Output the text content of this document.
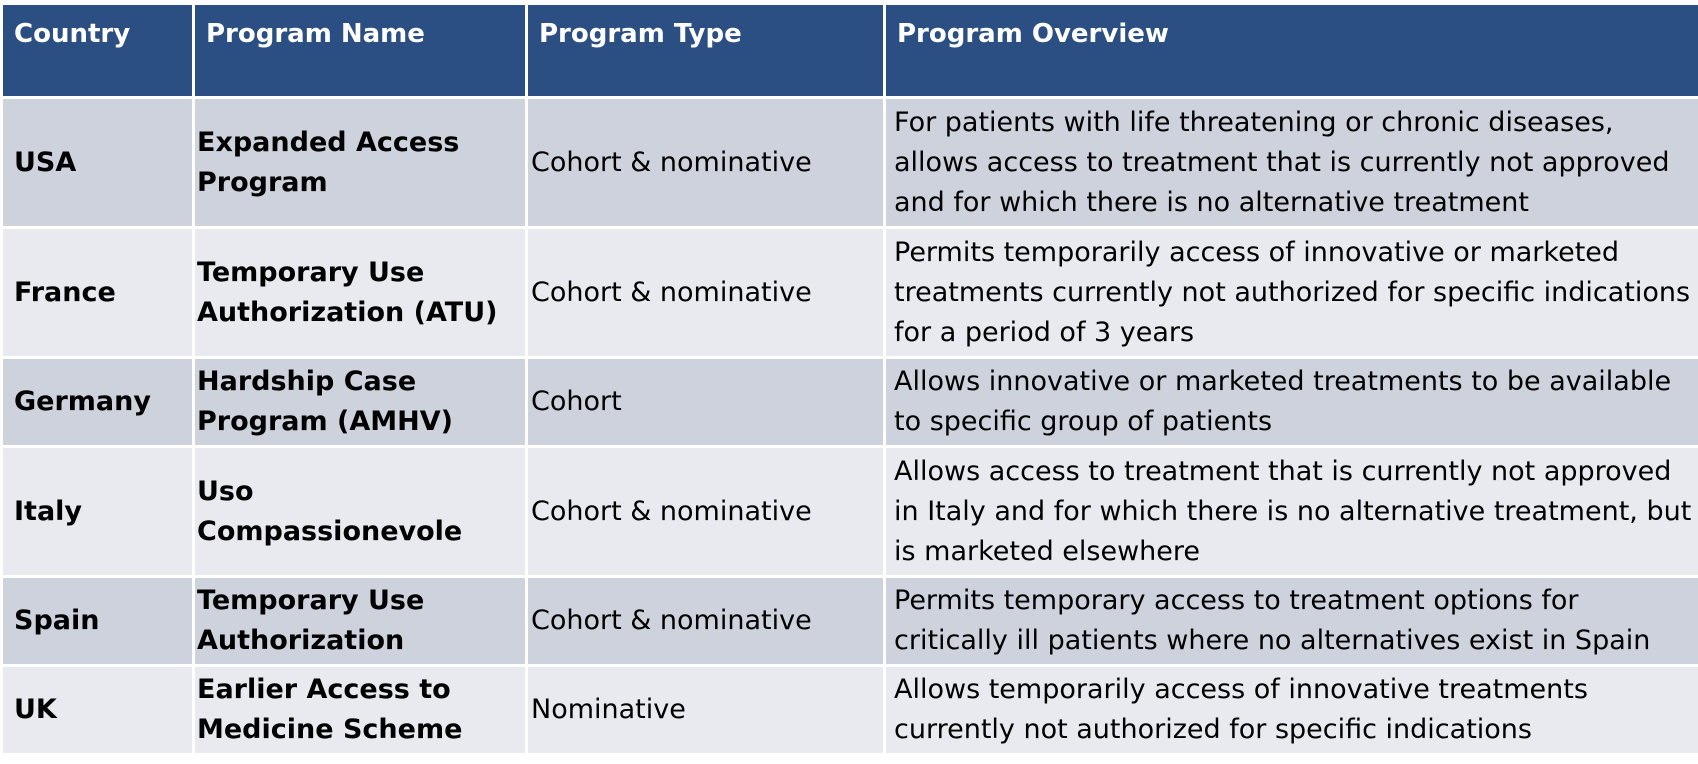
Country	Program Name	Program Type	Program Overview
USA	Expanded Access Program	Cohort & nominative	For patients with life threatening or chronic diseases, allows access to treatment that is currently not approved and for which there is no alternative treatment
France	Temporary Use Authorization (ATU)	Cohort & nominative	Permits temporarily access of innovative or marketed treatments currently not authorized for specific indications for a period of 3 years
Germany	Hardship Case Program (AMHV)	Cohort	Allows innovative or marketed treatments to be available to specific group of patients
Italy	Uso Compassionevole	Cohort & nominative	Allows access to treatment that is currently not approved in Italy and for which there is no alternative treatment, but is marketed elsewhere
Spain	Temporary Use Authorization	Cohort & nominative	Permits temporary access to treatment options for critically ill patients where no alternatives exist in Spain
UK	Earlier Access to Medicine Scheme	Nominative	Allows temporarily access of innovative treatments currently not authorized for specific indications
